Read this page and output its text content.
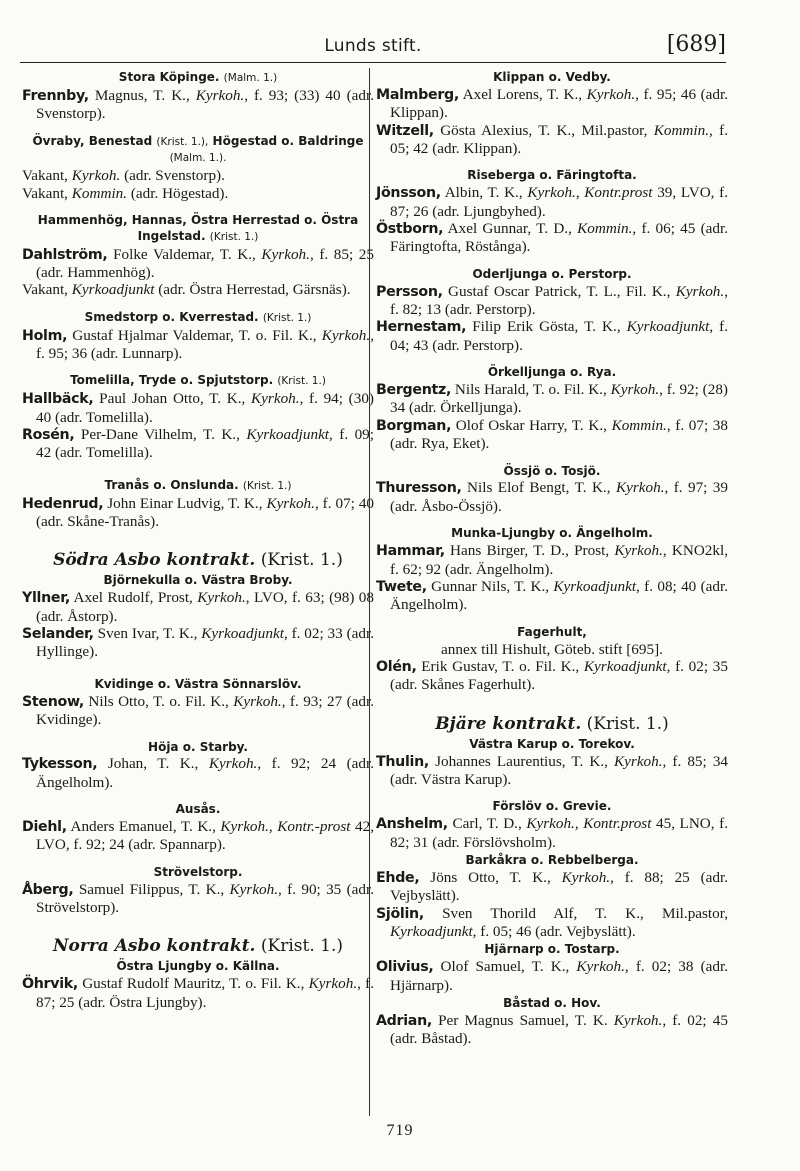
Lunds stift.	[689]
Stora Köpinge. (Malm. 1.)
Frennby, Magnus, T. K., Kyrkoh., f. 93; (33) 40 (adr. Svenstorp).
Övraby, Benestad (Krist. 1.), Högestad o. Baldringe (Malm. 1.).
Vakant, Kyrkoh. (adr. Svenstorp).
Vakant, Kommin. (adr. Högestad).
Hammenhög, Hannas, Östra Herrestad o. Östra Ingelstad. (Krist. 1.)
Dahlström, Folke Valdemar, T. K., Kyrkoh., f. 85; 25 (adr. Hammenhög).
Vakant, Kyrkoadjunkt (adr. Östra Herrestad, Gärsnäs).
Smedstorp o. Kverrestad. (Krist. 1.)
Holm, Gustaf Hjalmar Valdemar, T. o. Fil. K., Kyrkoh., f. 95; 36 (adr. Lunnarp).
Tomelilla, Tryde o. Spjutstorp. (Krist. 1.)
Hallbäck, Paul Johan Otto, T. K., Kyrkoh., f. 94; (30) 40 (adr. Tomelilla).
Rosén, Per-Dane Vilhelm, T. K., Kyrkoadjunkt, f. 09; 42 (adr. Tomelilla).
Tranås o. Onslunda. (Krist. 1.)
Hedenrud, John Einar Ludvig, T. K., Kyrkoh., f. 07; 40 (adr. Skåne-Tranås).
Södra Asbo kontrakt. (Krist. 1.)
Björnekulla o. Västra Broby.
Yllner, Axel Rudolf, Prost, Kyrkoh., LVO, f. 63; (98) 08 (adr. Åstorp).
Selander, Sven Ivar, T. K., Kyrkoadjunkt, f. 02; 33 (adr. Hyllinge).
Kvidinge o. Västra Sönnarslöv.
Stenow, Nils Otto, T. o. Fil. K., Kyrkoh., f. 93; 27 (adr. Kvidinge).
Höja o. Starby.
Tykesson, Johan, T. K., Kyrkoh., f. 92; 24 (adr. Ängelholm).
Ausås.
Diehl, Anders Emanuel, T. K., Kyrkoh., Kontr.-prost 42, LVO, f. 92; 24 (adr. Spannarp).
Strövelstorp.
Åberg, Samuel Filippus, T. K., Kyrkoh., f. 90; 35 (adr. Strövelstorp).
Norra Asbo kontrakt. (Krist. 1.)
Östra Ljungby o. Källna.
Öhrvik, Gustaf Rudolf Mauritz, T. o. Fil. K., Kyrkoh., f. 87; 25 (adr. Östra Ljungby).
Klippan o. Vedby.
Malmberg, Axel Lorens, T. K., Kyrkoh., f. 95; 46 (adr. Klippan).
Witzell, Gösta Alexius, T. K., Mil.pastor, Kommin., f. 05; 42 (adr. Klippan).
Riseberga o. Färingtofta.
Jönsson, Albin, T. K., Kyrkoh., Kontr.prost 39, LVO, f. 87; 26 (adr. Ljungbyhed).
Östborn, Axel Gunnar, T. D., Kommin., f. 06; 45 (adr. Färingtofta, Röstånga).
Oderljunga o. Perstorp.
Persson, Gustaf Oscar Patrick, T. L., Fil. K., Kyrkoh., f. 82; 13 (adr. Perstorp).
Hernestam, Filip Erik Gösta, T. K., Kyrkoadjunkt, f. 04; 43 (adr. Perstorp).
Örkelljunga o. Rya.
Bergentz, Nils Harald, T. o. Fil. K., Kyrkoh., f. 92; (28) 34 (adr. Örkelljunga).
Borgman, Olof Oskar Harry, T. K., Kommin., f. 07; 38 (adr. Rya, Eket).
Össjö o. Tosjö.
Thuresson, Nils Elof Bengt, T. K., Kyrkoh., f. 97; 39 (adr. Åsbo-Össjö).
Munka-Ljungby o. Ängelholm.
Hammar, Hans Birger, T. D., Prost, Kyrkoh., KNO2kl, f. 62; 92 (adr. Ängelholm).
Twete, Gunnar Nils, T. K., Kyrkoadjunkt, f. 08; 40 (adr. Ängelholm).
Fagerhult,
annex till Hishult, Göteb. stift [695].
Olén, Erik Gustav, T. o. Fil. K., Kyrkoadjunkt, f. 02; 35 (adr. Skånes Fagerhult).
Bjäre kontrakt. (Krist. 1.)
Västra Karup o. Torekov.
Thulin, Johannes Laurentius, T. K., Kyrkoh., f. 85; 34 (adr. Västra Karup).
Förslöv o. Grevie.
Anshelm, Carl, T. D., Kyrkoh., Kontr.prost 45, LNO, f. 82; 31 (adr. Förslövsholm).
Barkåkra o. Rebbelberga.
Ehde, Jöns Otto, T. K., Kyrkoh., f. 88; 25 (adr. Vejbyslätt).
Sjölin, Sven Thorild Alf, T. K., Mil.pastor, Kyrkoadjunkt, f. 05; 46 (adr. Vejbyslätt).
Hjärnarp o. Tostarp.
Olivius, Olof Samuel, T. K., Kyrkoh., f. 02; 38 (adr. Hjärnarp).
Båstad o. Hov.
Adrian, Per Magnus Samuel, T. K. Kyrkoh., f. 02; 45 (adr. Båstad).
719
